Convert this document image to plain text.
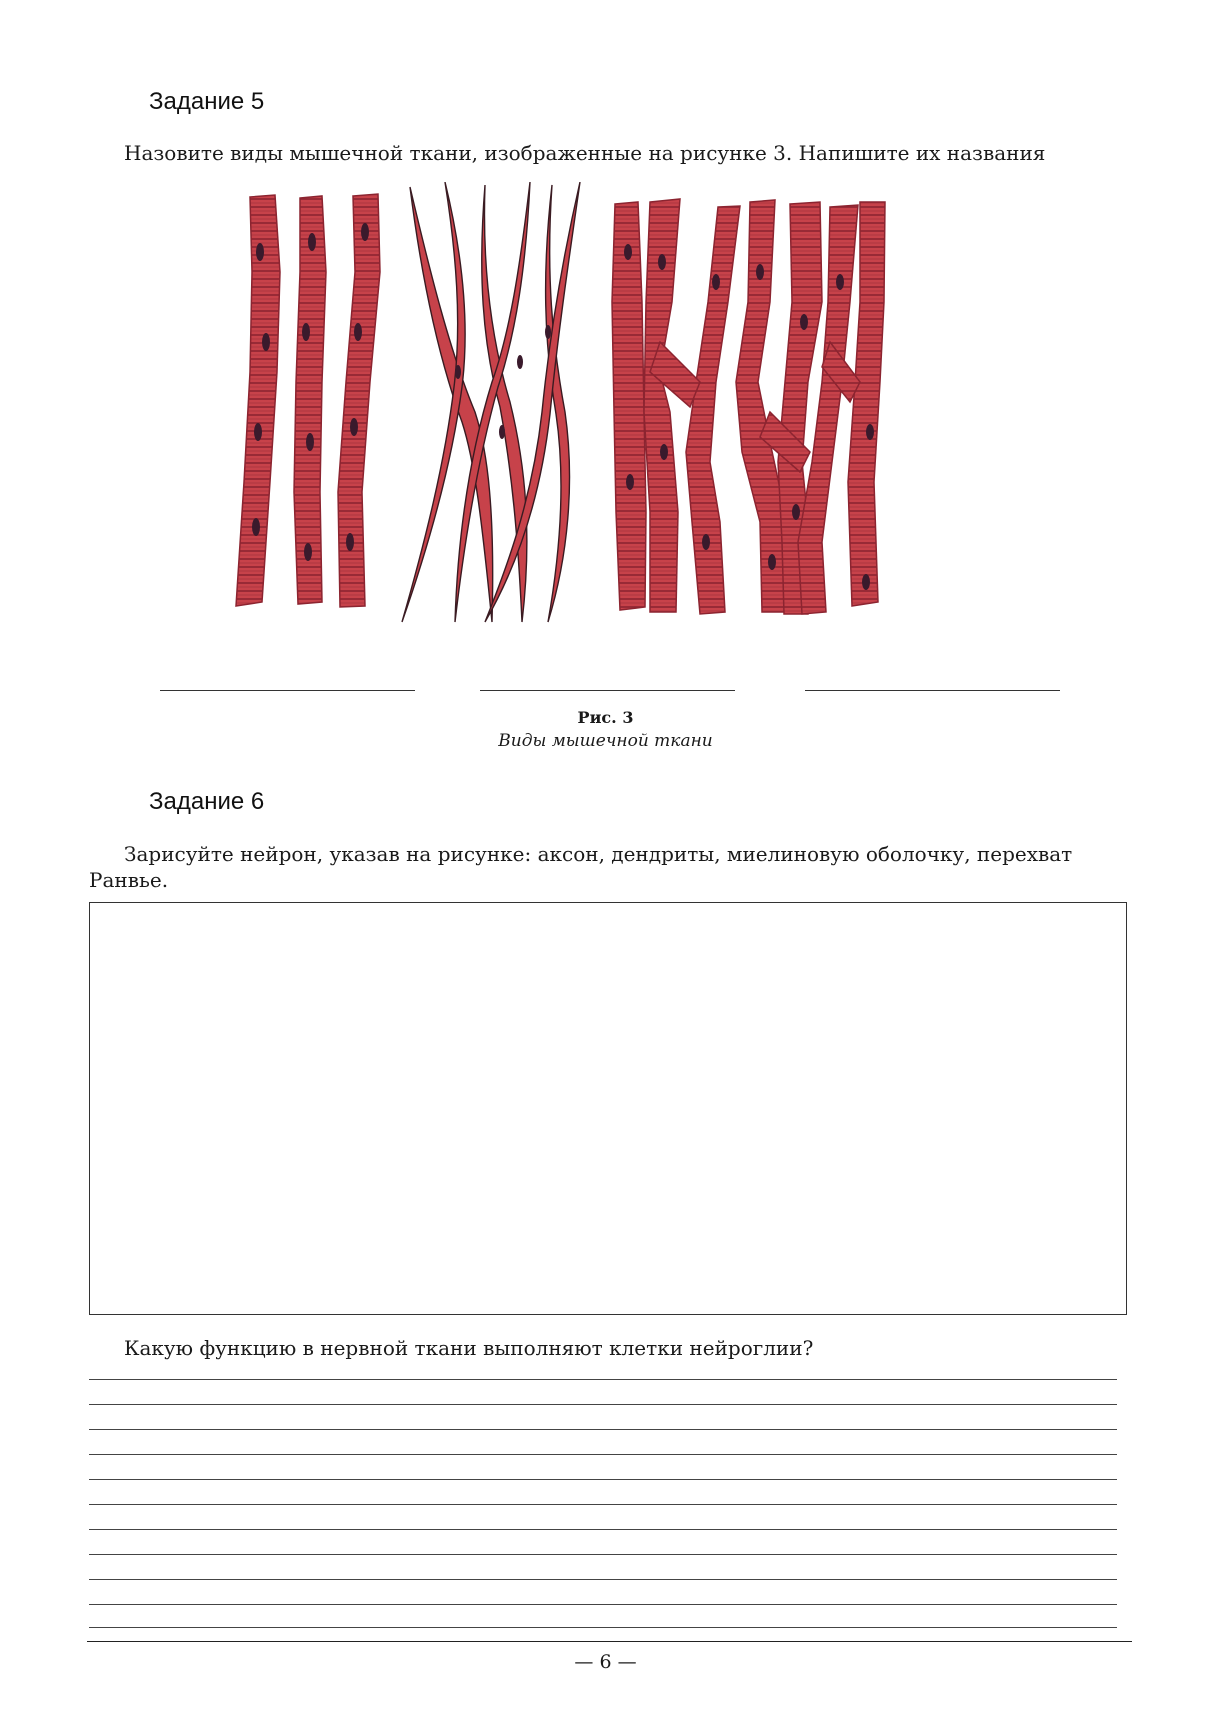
Задание 5
Назовите виды мышечной ткани, изображенные на рисунке 3. Напишите их названия
Рис. 3
Виды мышечной ткани
Задание 6
Зарисуйте нейрон, указав на рисунке: аксон, дендриты, миелиновую оболочку, перехват
Ранвье.
Какую функцию в нервной ткани выполняют клетки нейроглии?
— 6 —
